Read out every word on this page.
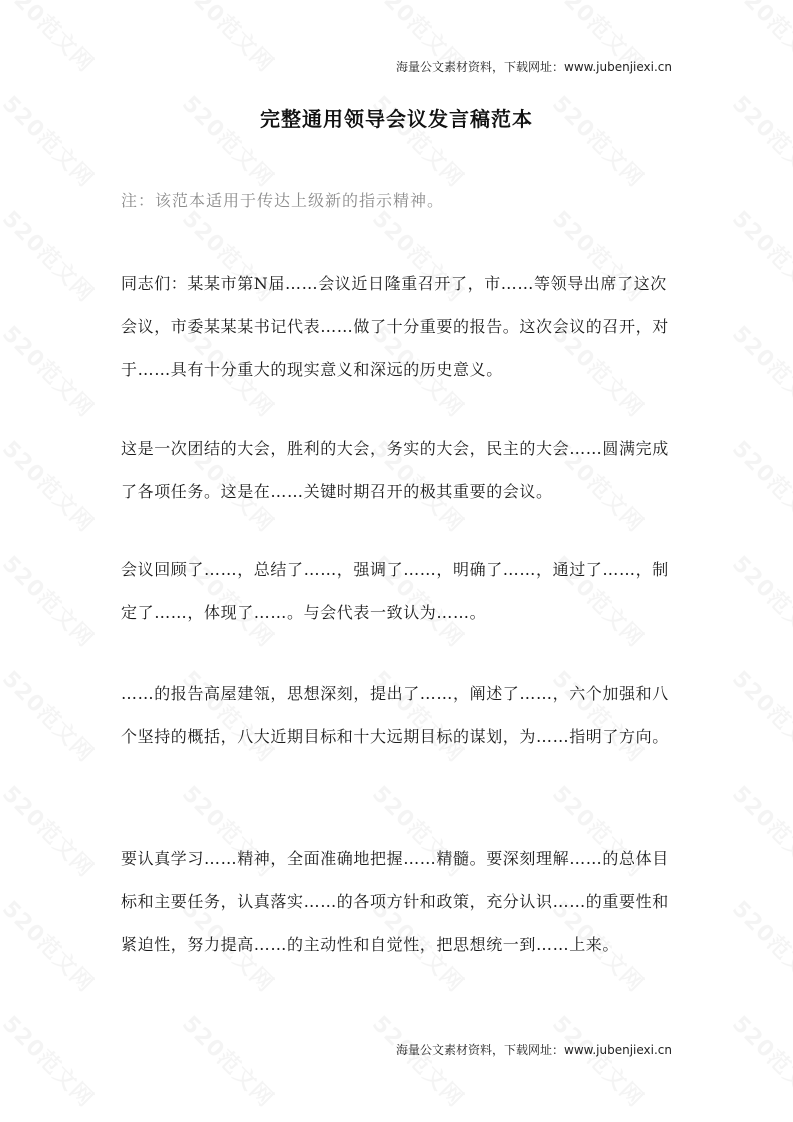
海量公文素材资料，下载网址：www.jubenjiexi.cn
完整通用领导会议发言稿范本
注：该范本适用于传达上级新的指示精神。

同志们：某某市第N届……会议近日隆重召开了，市……等领导出席了这次会议，市委某某某书记代表……做了十分重要的报告。这次会议的召开，对于……具有十分重大的现实意义和深远的历史意义。

这是一次团结的大会，胜利的大会，务实的大会，民主的大会……圆满完成了各项任务。这是在……关键时期召开的极其重要的会议。

会议回顾了……，总结了……，强调了……，明确了……，通过了……，制定了……，体现了……。与会代表一致认为……。

……的报告高屋建瓴，思想深刻，提出了……，阐述了……，六个加强和八个坚持的概括，八大近期目标和十大远期目标的谋划，为……指明了方向。

要认真学习……精神，全面准确地把握……精髓。要深刻理解……的总体目标和主要任务，认真落实……的各项方针和政策，充分认识……的重要性和紧迫性，努力提高……的主动性和自觉性，把思想统一到……上来。

海量公文素材资料，下载网址：www.jubenjiexi.cn
